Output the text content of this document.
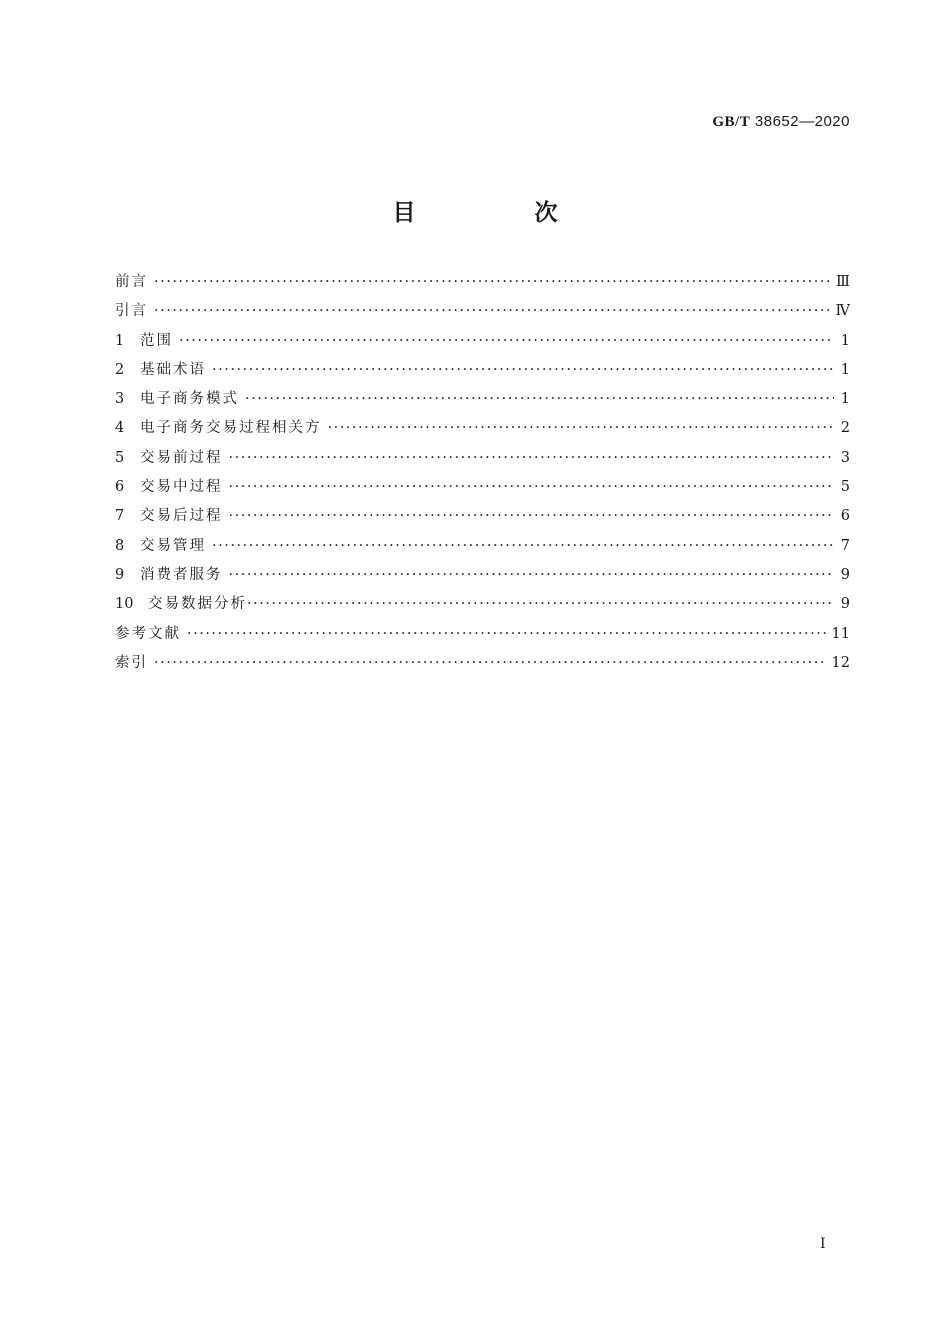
GB/T 38652—2020
目　次
前言 ·····	Ⅲ
引言 ·····	Ⅳ
1	范围 ·····	1
2	基础术语 ·····	1
3	电子商务模式 ·····	1
4	电子商务交易过程相关方 ·····	2
5	交易前过程 ·····	3
6	交易中过程 ·····	5
7	交易后过程 ·····	6
8	交易管理 ·····	7
9	消费者服务 ·····	9
10	交易数据分析 ·····	9
参考文献 ·····	11
索引 ·····	12
I
